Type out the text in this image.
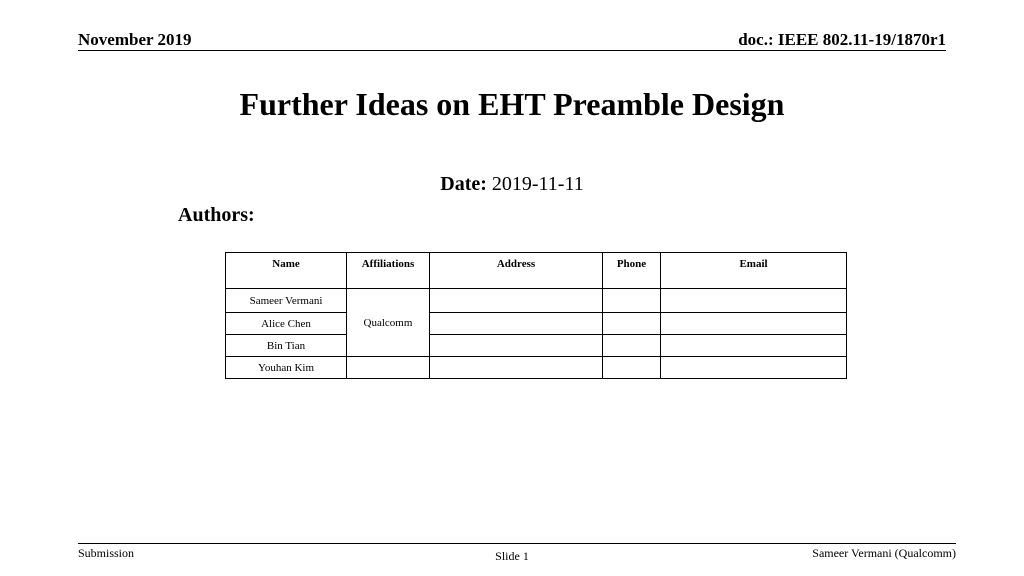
November 2019	doc.: IEEE 802.11-19/1870r1
Further Ideas on EHT Preamble Design
Date: 2019-11-11
Authors:
Name	Affiliations	Address	Phone	Email
Sameer Vermani	Qualcomm			
Alice Chen				
Bin Tian				
Youhan Kim				
Submission	Slide 1	Sameer Vermani (Qualcomm)
